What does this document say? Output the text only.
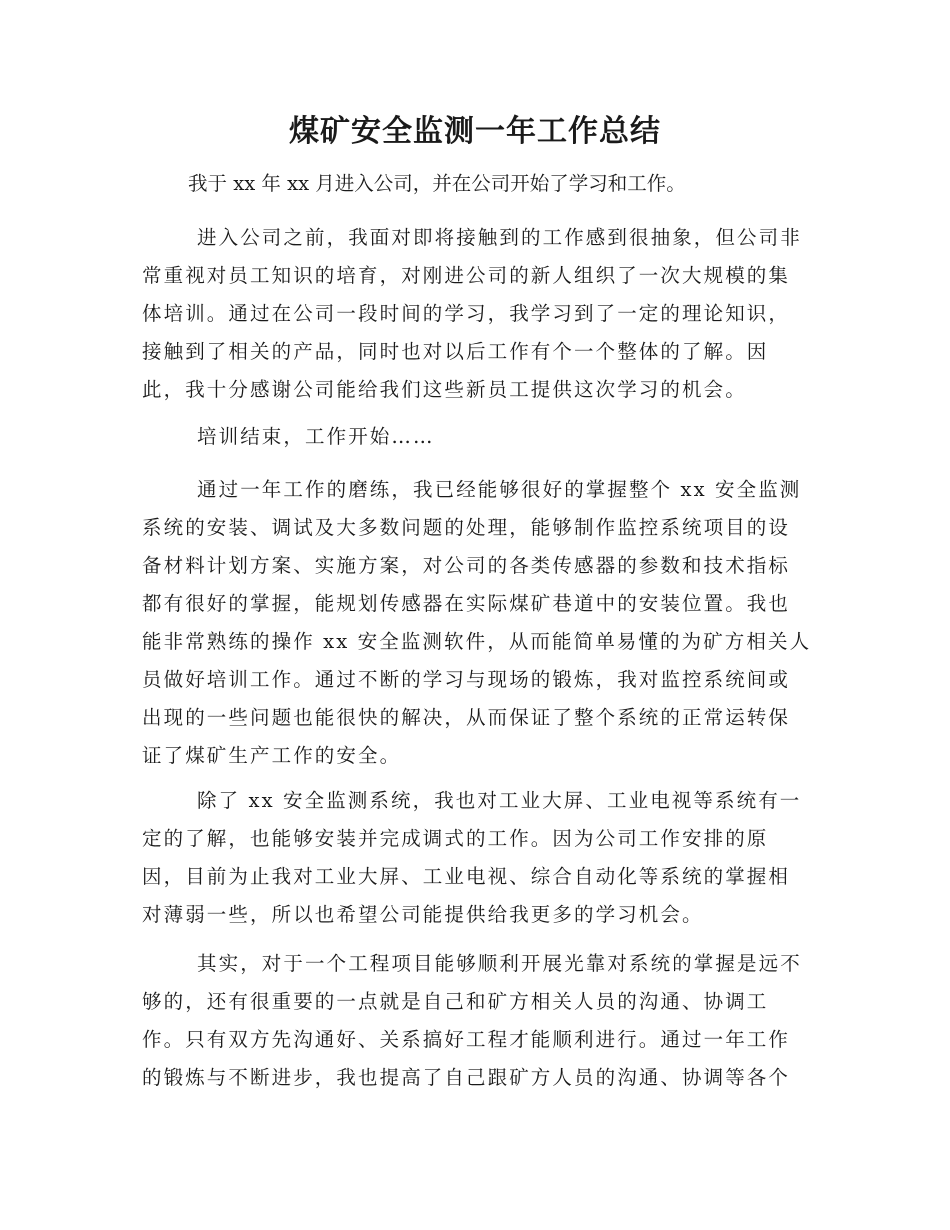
煤矿安全监测一年工作总结

我于 xx 年 xx 月进入公司，并在公司开始了学习和工作。

进入公司之前，我面对即将接触到的工作感到很抽象，但公司非
常重视对员工知识的培育，对刚进公司的新人组织了一次大规模的集
体培训。通过在公司一段时间的学习，我学习到了一定的理论知识，
接触到了相关的产品，同时也对以后工作有个一个整体的了解。因
此，我十分感谢公司能给我们这些新员工提供这次学习的机会。
培训结束，工作开始……
通过一年工作的磨练，我已经能够很好的掌握整个 xx 安全监测
系统的安装、调试及大多数问题的处理，能够制作监控系统项目的设
备材料计划方案、实施方案，对公司的各类传感器的参数和技术指标
都有很好的掌握，能规划传感器在实际煤矿巷道中的安装位置。我也
能非常熟练的操作 xx 安全监测软件，从而能简单易懂的为矿方相关人
员做好培训工作。通过不断的学习与现场的锻炼，我对监控系统间或
出现的一些问题也能很快的解决，从而保证了整个系统的正常运转保
证了煤矿生产工作的安全。
除了 xx 安全监测系统，我也对工业大屏、工业电视等系统有一
定的了解，也能够安装并完成调式的工作。因为公司工作安排的原
因，目前为止我对工业大屏、工业电视、综合自动化等系统的掌握相
对薄弱一些，所以也希望公司能提供给我更多的学习机会。
其实，对于一个工程项目能够顺利开展光靠对系统的掌握是远不
够的，还有很重要的一点就是自己和矿方相关人员的沟通、协调工
作。只有双方先沟通好、关系搞好工程才能顺利进行。通过一年工作
的锻炼与不断进步，我也提高了自己跟矿方人员的沟通、协调等各个
